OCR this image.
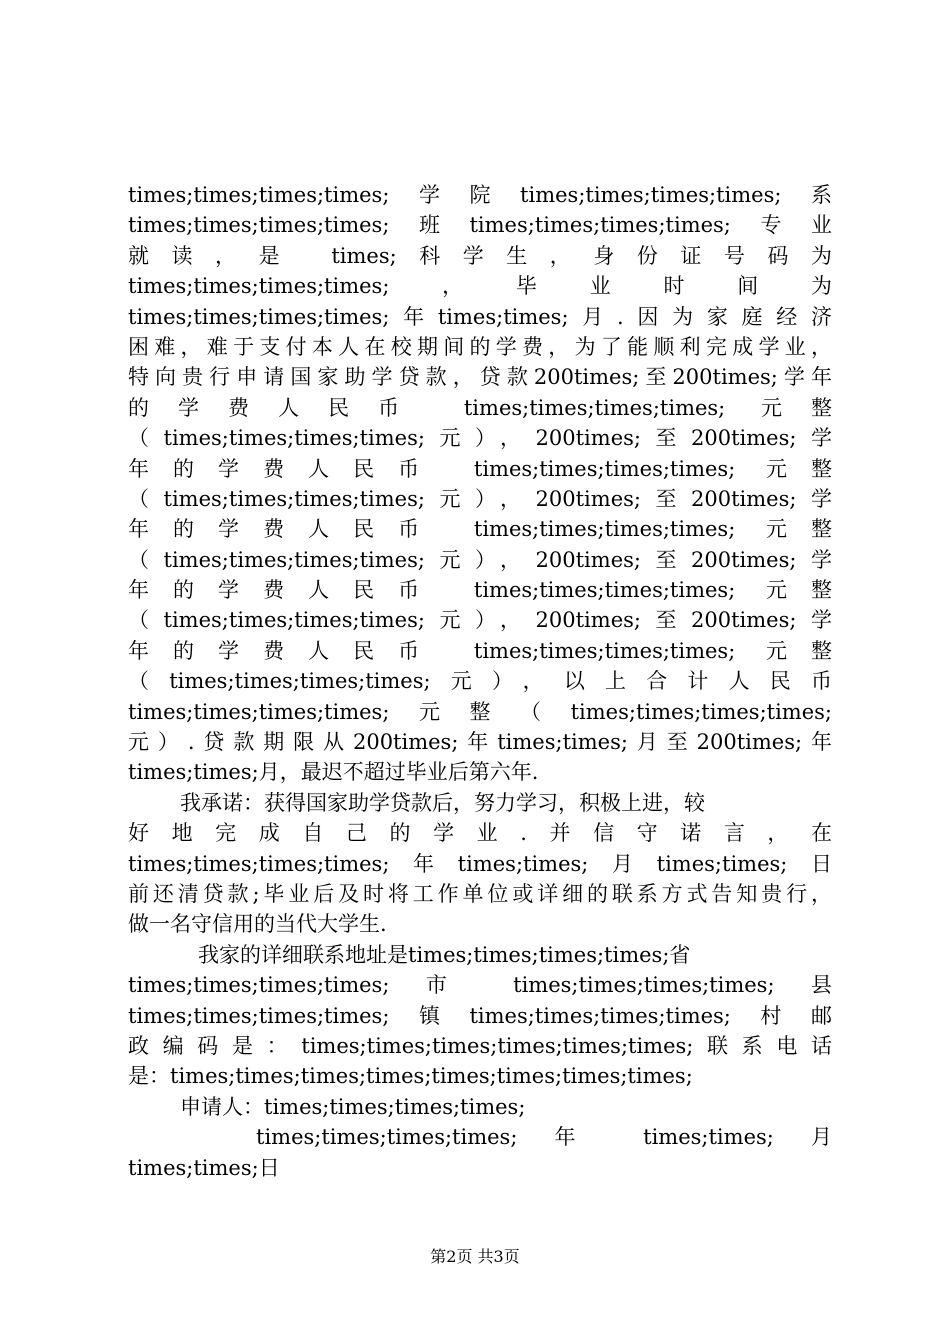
times;times;times;times;学院times;times;times;times;系
times;times;times;times;班times;times;times;times;专业
就读，是 times;科学生，身份证号码为
times;times;times;times;，毕业时间为
times;times;times;times;年times;times;月.因为家庭经济
困难，难于支付本人在校期间的学费，为了能顺利完成学业，
特向贵行申请国家助学贷款，贷款200times;至200times;学年
的学费人民币 times;times;times;times; 元整
（times;times;times;times;元），200times;至200times;学
年的学费人民币 times;times;times;times; 元整
（times;times;times;times;元），200times;至200times;学
年的学费人民币 times;times;times;times; 元整
（times;times;times;times;元），200times;至200times;学
年的学费人民币 times;times;times;times; 元整
（times;times;times;times;元），200times;至200times;学
年的学费人民币 times;times;times;times; 元整
（times;times;times;times;元），以上合计人民币
times;times;times;times;元整（times;times;times;times;
元）.贷款期限从200times;年times;times;月至200times;年
times;times;月，最迟不超过毕业后第六年.
我承诺：获得国家助学贷款后，努力学习，积极上进，较
好地完成自己的学业.并信守诺言，在
times;times;times;times;年times;times;月times;times;日
前还清贷款;毕业后及时将工作单位或详细的联系方式告知贵行，
做一名守信用的当代大学生.
我家的详细联系地址是times;times;times;times;省
times;times;times;times; 市 times;times;times;times; 县
times;times;times;times;镇times;times;times;times;村邮
政编码是：times;times;times;times;times;times;联系电话
是：times;times;times;times;times;times;times;times;
申请人：times;times;times;times;
times;times;times;times; 年 times;times; 月
times;times;日
第2页 共3页
